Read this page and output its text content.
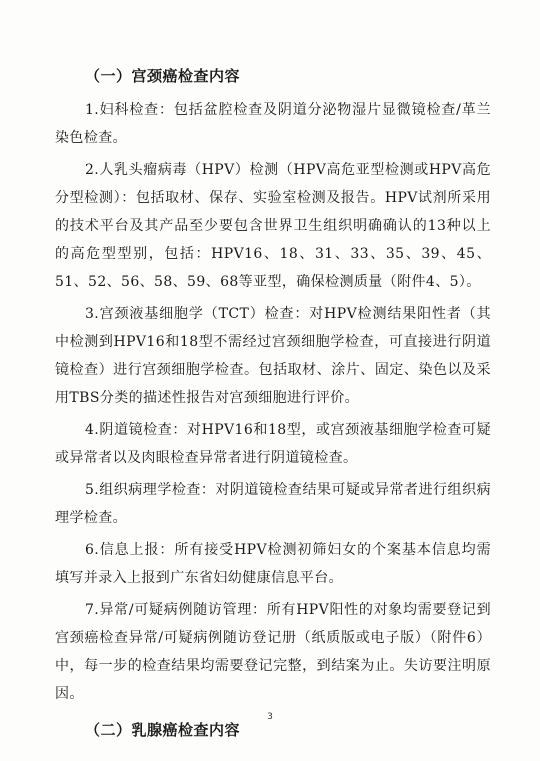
（一）宫颈癌检查内容

1.妇科检查：包括盆腔检查及阴道分泌物湿片显微镜检查/革兰染色检查。

2.人乳头瘤病毒（HPV）检测（HPV高危亚型检测或HPV高危分型检测）：包括取材、保存、实验室检测及报告。HPV试剂所采用的技术平台及其产品至少要包含世界卫生组织明确确认的13种以上的高危型型别，包括：HPV16、18、31、33、35、39、45、51、52、56、58、59、68等亚型，确保检测质量（附件4、5）。

3.宫颈液基细胞学（TCT）检查：对HPV检测结果阳性者（其中检测到HPV16和18型不需经过宫颈细胞学检查，可直接进行阴道镜检查）进行宫颈细胞学检查。包括取材、涂片、固定、染色以及采用TBS分类的描述性报告对宫颈细胞进行评价。

4.阴道镜检查：对HPV16和18型，或宫颈液基细胞学检查可疑或异常者以及肉眼检查异常者进行阴道镜检查。

5.组织病理学检查：对阴道镜检查结果可疑或异常者进行组织病理学检查。

6.信息上报：所有接受HPV检测初筛妇女的个案基本信息均需填写并录入上报到广东省妇幼健康信息平台。

7.异常/可疑病例随访管理：所有HPV阳性的对象均需要登记到宫颈癌检查异常/可疑病例随访登记册（纸质版或电子版）（附件6）中，每一步的检查结果均需要登记完整，到结案为止。失访要注明原因。

（二）乳腺癌检查内容
3
